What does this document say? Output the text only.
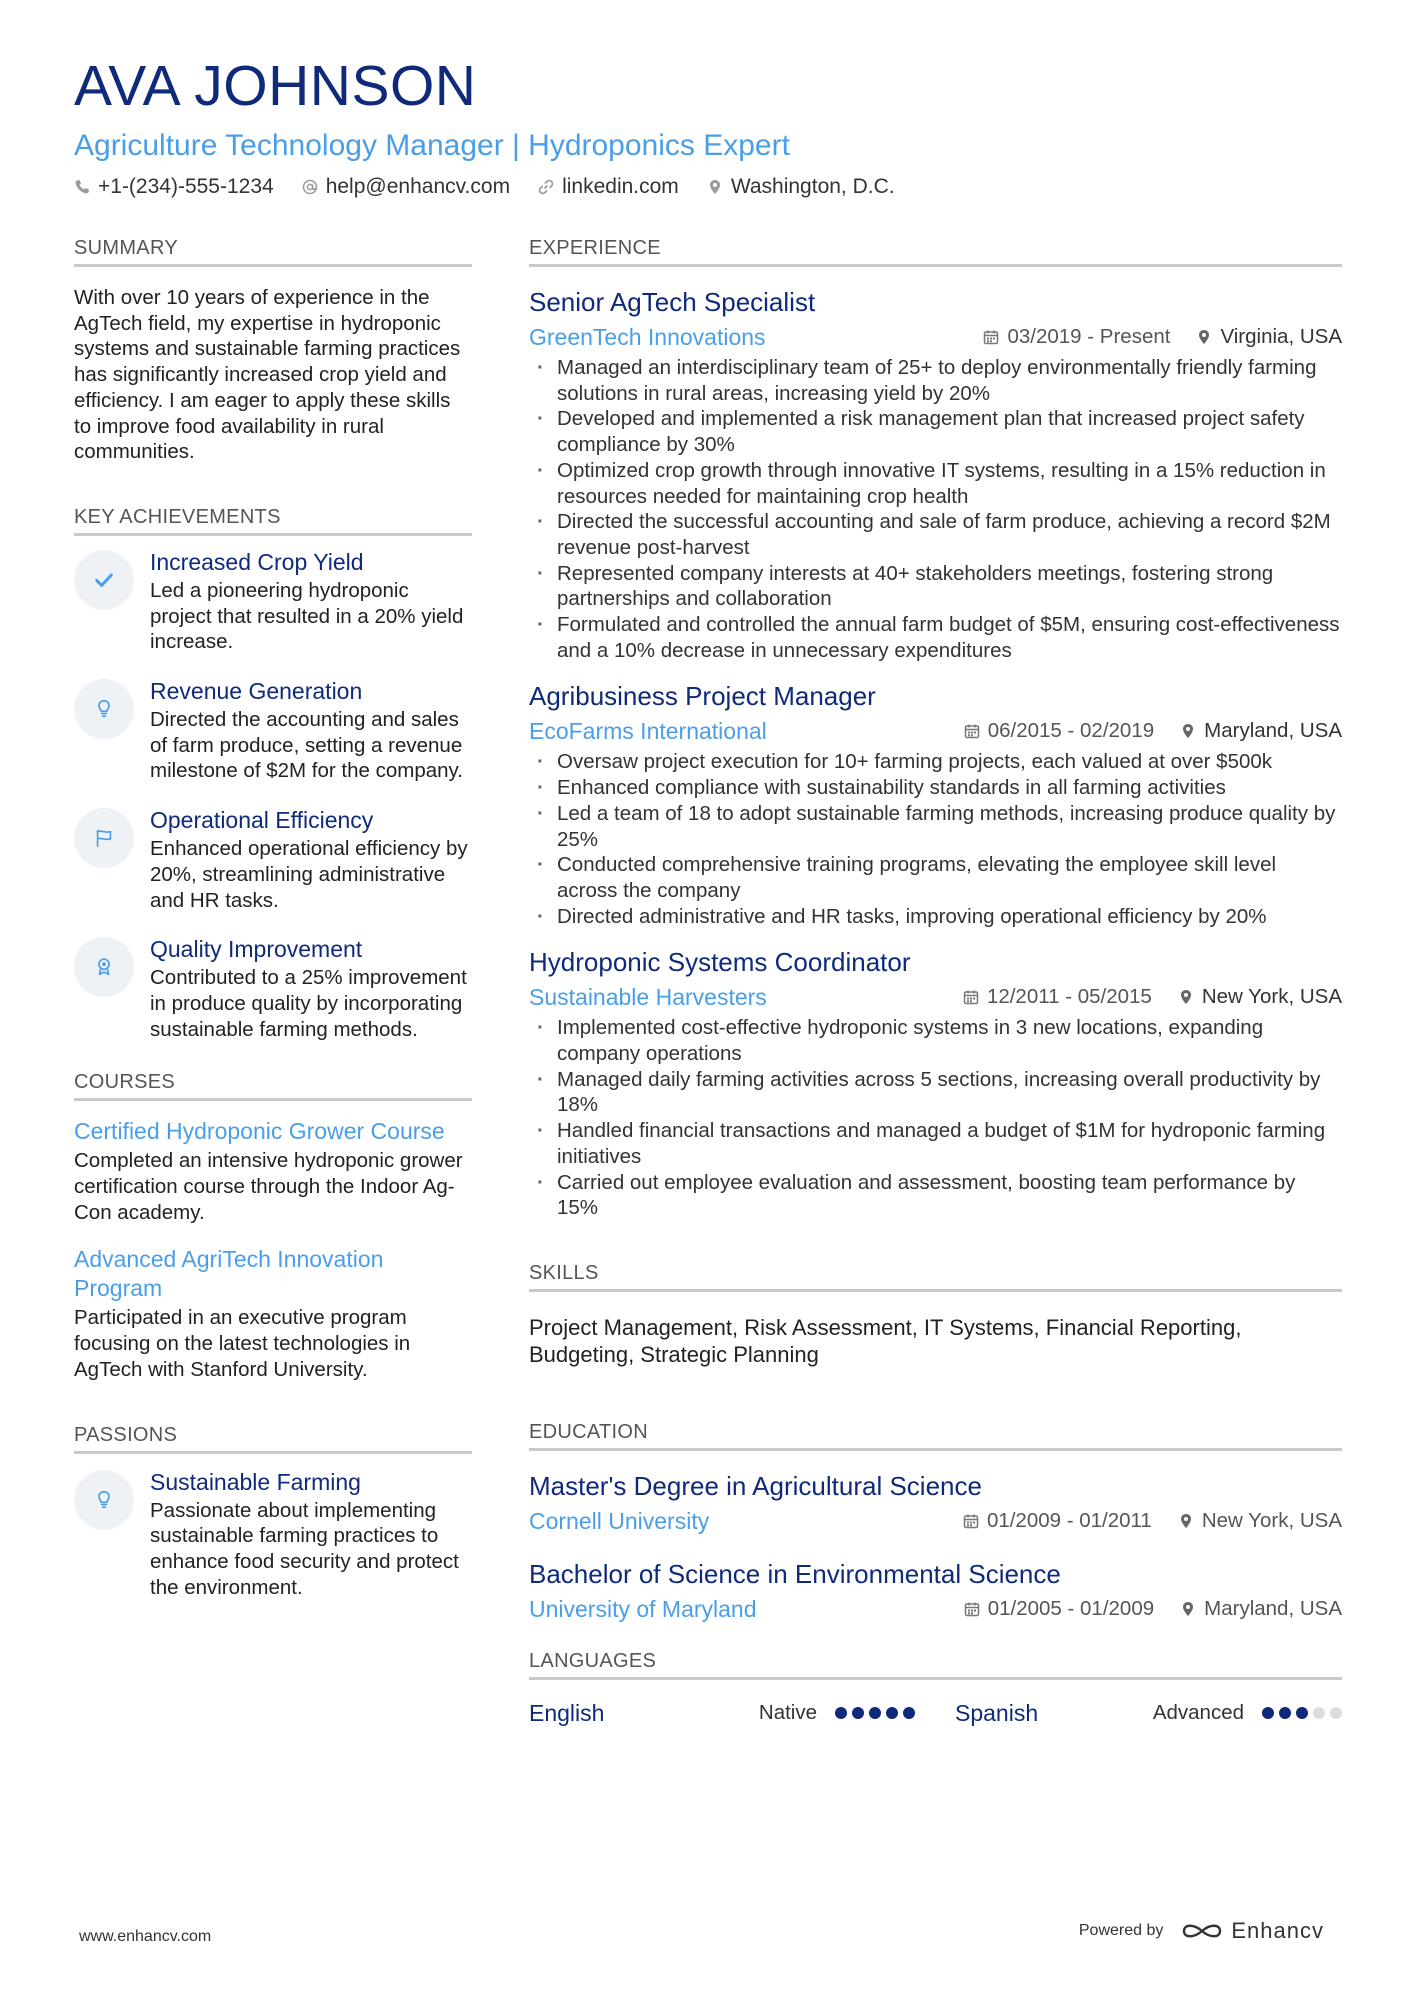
AVA JOHNSON
Agriculture Technology Manager | Hydroponics Expert
+1-(234)-555-1234 help@enhancv.com linkedin.com Washington, D.C.
SUMMARY
With over 10 years of experience in the AgTech field, my expertise in hydroponic systems and sustainable farming practices has significantly increased crop yield and efficiency. I am eager to apply these skills to improve food availability in rural communities.
KEY ACHIEVEMENTS
Increased Crop Yield
Led a pioneering hydroponic project that resulted in a 20% yield increase.
Revenue Generation
Directed the accounting and sales of farm produce, setting a revenue milestone of $2M for the company.
Operational Efficiency
Enhanced operational efficiency by 20%, streamlining administrative and HR tasks.
Quality Improvement
Contributed to a 25% improvement in produce quality by incorporating sustainable farming methods.
COURSES
Certified Hydroponic Grower Course
Completed an intensive hydroponic grower certification course through the Indoor Ag-Con academy.
Advanced AgriTech Innovation Program
Participated in an executive program focusing on the latest technologies in AgTech with Stanford University.
PASSIONS
Sustainable Farming
Passionate about implementing sustainable farming practices to enhance food security and protect the environment.
EXPERIENCE
Senior AgTech Specialist
GreenTech Innovations	03/2019 - Present Virginia, USA
· Managed an interdisciplinary team of 25+ to deploy environmentally friendly farming solutions in rural areas, increasing yield by 20%
· Developed and implemented a risk management plan that increased project safety compliance by 30%
· Optimized crop growth through innovative IT systems, resulting in a 15% reduction in resources needed for maintaining crop health
· Directed the successful accounting and sale of farm produce, achieving a record $2M revenue post-harvest
· Represented company interests at 40+ stakeholders meetings, fostering strong partnerships and collaboration
· Formulated and controlled the annual farm budget of $5M, ensuring cost-effectiveness and a 10% decrease in unnecessary expenditures
Agribusiness Project Manager
EcoFarms International	06/2015 - 02/2019 Maryland, USA
· Oversaw project execution for 10+ farming projects, each valued at over $500k
· Enhanced compliance with sustainability standards in all farming activities
· Led a team of 18 to adopt sustainable farming methods, increasing produce quality by 25%
· Conducted comprehensive training programs, elevating the employee skill level across the company
· Directed administrative and HR tasks, improving operational efficiency by 20%
Hydroponic Systems Coordinator
Sustainable Harvesters	12/2011 - 05/2015 New York, USA
· Implemented cost-effective hydroponic systems in 3 new locations, expanding company operations
· Managed daily farming activities across 5 sections, increasing overall productivity by 18%
· Handled financial transactions and managed a budget of $1M for hydroponic farming initiatives
· Carried out employee evaluation and assessment, boosting team performance by 15%
SKILLS
Project Management, Risk Assessment, IT Systems, Financial Reporting, Budgeting, Strategic Planning
EDUCATION
Master's Degree in Agricultural Science
Cornell University	01/2009 - 01/2011 New York, USA
Bachelor of Science in Environmental Science
University of Maryland	01/2005 - 01/2009 Maryland, USA
LANGUAGES
English	Native	Spanish	Advanced
www.enhancv.com	Powered by	Enhancv
